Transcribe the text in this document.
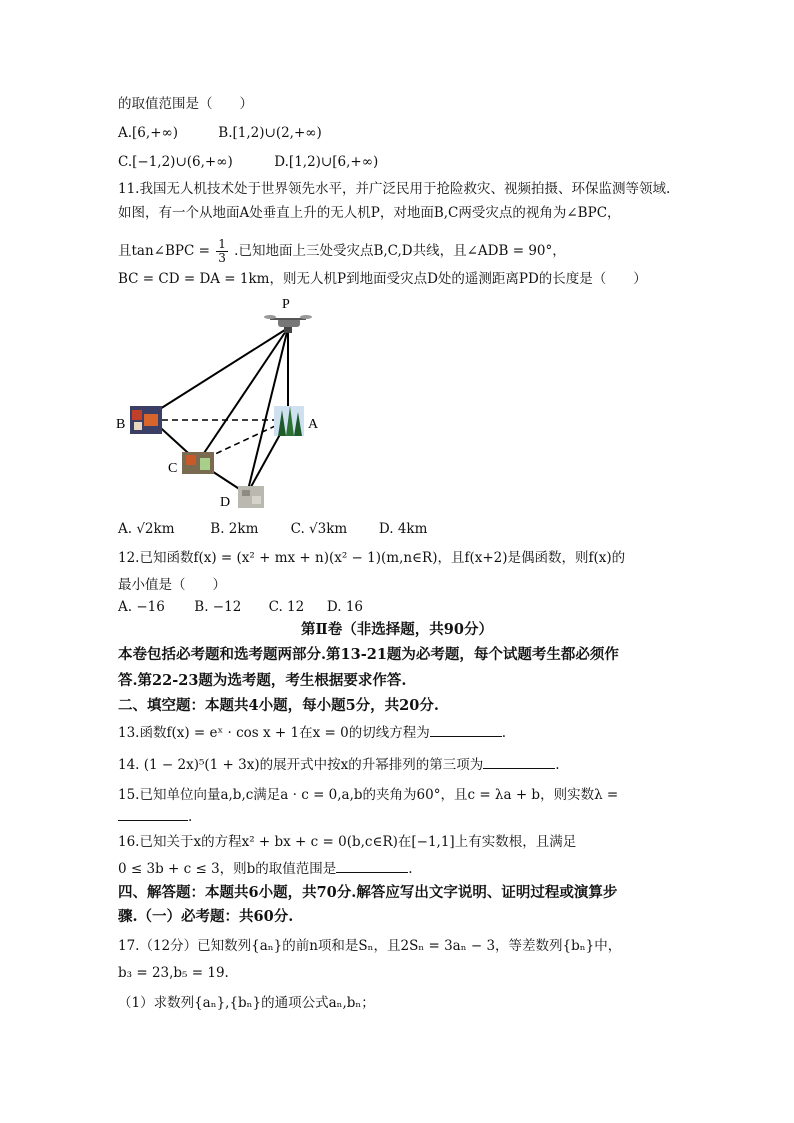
的取值范围是（　　）
A.[6,+∞)	B.[1,2)∪(2,+∞)
C.[−1,2)∪(6,+∞)	D.[1,2)∪[6,+∞)
11.我国无人机技术处于世界领先水平，并广泛民用于抢险救灾、视频拍摄、环保监测等领域.
如图，有一个从地面A处垂直上升的无人机P，对地面B,C两受灾点的视角为∠BPC，
且tan∠BPC = $\frac{1}{3}$ .已知地面上三处受灾点B,C,D共线，且∠ADB = 90°，
BC = CD = DA = 1km，则无人机P到地面受灾点D处的遥测距离PD的长度是（　　）
P
A
B
C
D
A. √2km	B. 2km C. √3km D. 4km
12.已知函数f(x) = (x² + mx + n)(x² − 1)(m,n∈R)，且f(x+2)是偶函数，则f(x)的
最小值是（　　）
A. −16 B. −12 C. 12 D. 16
第Ⅱ卷（非选择题，共90分）
本卷包括必考题和选考题两部分.第13-21题为必考题，每个试题考生都必须作
答.第22-23题为选考题，考生根据要求作答.
二、填空题：本题共4小题，每小题5分，共20分.
13.函数f(x) = eˣ · cos x + 1在x = 0的切线方程为	.
14. (1 − 2x)⁵(1 + 3x)的展开式中按x的升幂排列的第三项为	.
15.已知单位向量a,b,c满足a · c = 0,a,b的夹角为60°，且c = λa + b，则实数λ =
.
16.已知关于x的方程x² + bx + c = 0(b,c∈R)在[−1,1]上有实数根，且满足
0 ≤ 3b + c ≤ 3，则b的取值范围是	.
四、解答题：本题共6小题，共70分.解答应写出文字说明、证明过程或演算步
骤.（一）必考题：共60分.
17.（12分）已知数列{aₙ}的前n项和是Sₙ，且2Sₙ = 3aₙ − 3，等差数列{bₙ}中，
b₃ = 23,b₅ = 19.
（1）求数列{aₙ},{bₙ}的通项公式aₙ,bₙ；
